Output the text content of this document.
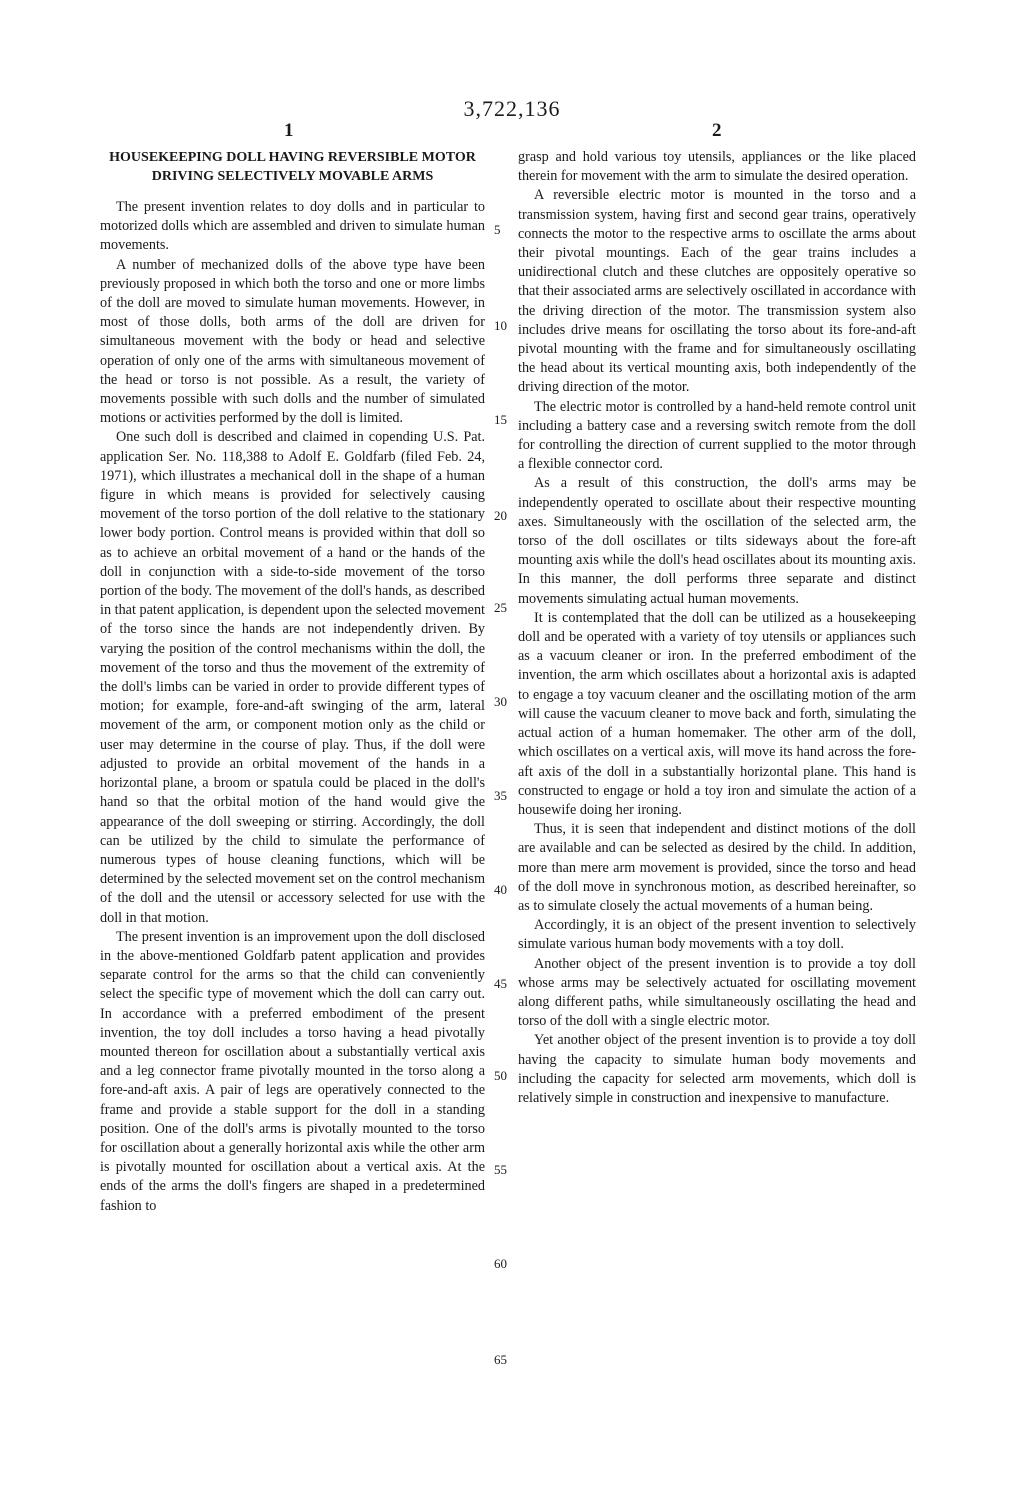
3,722,136
1	2
HOUSEKEEPING DOLL HAVING REVERSIBLE MOTOR DRIVING SELECTIVELY MOVABLE ARMS

The present invention relates to doy dolls and in particular to motorized dolls which are assembled and driven to simulate human movements.

A number of mechanized dolls of the above type have been previously proposed in which both the torso and one or more limbs of the doll are moved to simulate human movements. However, in most of those dolls, both arms of the doll are driven for simultaneous movement with the body or head and selective operation of only one of the arms with simultaneous movement of the head or torso is not possible. As a result, the variety of movements possible with such dolls and the number of simulated motions or activities performed by the doll is limited.

One such doll is described and claimed in copending U.S. Pat. application Ser. No. 118,388 to Adolf E. Goldfarb (filed Feb. 24, 1971), which illustrates a mechanical doll in the shape of a human figure in which means is provided for selectively causing movement of the torso portion of the doll relative to the stationary lower body portion. Control means is provided within that doll so as to achieve an orbital movement of a hand or the hands of the doll in conjunction with a side-to-side movement of the torso portion of the body. The movement of the doll's hands, as described in that patent application, is dependent upon the selected movement of the torso since the hands are not independently driven. By varying the position of the control mechanisms within the doll, the movement of the torso and thus the movement of the extremity of the doll's limbs can be varied in order to provide different types of motion; for example, fore-and-aft swinging of the arm, lateral movement of the arm, or component motion only as the child or user may determine in the course of play. Thus, if the doll were adjusted to provide an orbital movement of the hands in a horizontal plane, a broom or spatula could be placed in the doll's hand so that the orbital motion of the hand would give the appearance of the doll sweeping or stirring. Accordingly, the doll can be utilized by the child to simulate the performance of numerous types of house cleaning functions, which will be determined by the selected movement set on the control mechanism of the doll and the utensil or accessory selected for use with the doll in that motion.

The present invention is an improvement upon the doll disclosed in the above-mentioned Goldfarb patent application and provides separate control for the arms so that the child can conveniently select the specific type of movement which the doll can carry out. In accordance with a preferred embodiment of the present invention, the toy doll includes a torso having a head pivotally mounted thereon for oscillation about a substantially vertical axis and a leg connector frame pivotally mounted in the torso along a fore-and-aft axis. A pair of legs are operatively connected to the frame and provide a stable support for the doll in a standing position. One of the doll's arms is pivotally mounted to the torso for oscillation about a generally horizontal axis while the other arm is pivotally mounted for oscillation about a vertical axis. At the ends of the arms the doll's fingers are shaped in a predetermined fashion to

grasp and hold various toy utensils, appliances or the like placed therein for movement with the arm to simulate the desired operation.

A reversible electric motor is mounted in the torso and a transmission system, having first and second gear trains, operatively connects the motor to the respective arms to oscillate the arms about their pivotal mountings. Each of the gear trains includes a unidirectional clutch and these clutches are oppositely operative so that their associated arms are selectively oscillated in accordance with the driving direction of the motor. The transmission system also includes drive means for oscillating the torso about its fore-and-aft pivotal mounting with the frame and for simultaneously oscillating the head about its vertical mounting axis, both independently of the driving direction of the motor.

The electric motor is controlled by a hand-held remote control unit including a battery case and a reversing switch remote from the doll for controlling the direction of current supplied to the motor through a flexible connector cord.

As a result of this construction, the doll's arms may be independently operated to oscillate about their respective mounting axes. Simultaneously with the oscillation of the selected arm, the torso of the doll oscillates or tilts sideways about the fore-aft mounting axis while the doll's head oscillates about its mounting axis. In this manner, the doll performs three separate and distinct movements simulating actual human movements.

It is contemplated that the doll can be utilized as a housekeeping doll and be operated with a variety of toy utensils or appliances such as a vacuum cleaner or iron. In the preferred embodiment of the invention, the arm which oscillates about a horizontal axis is adapted to engage a toy vacuum cleaner and the oscillating motion of the arm will cause the vacuum cleaner to move back and forth, simulating the actual action of a human homemaker. The other arm of the doll, which oscillates on a vertical axis, will move its hand across the fore-aft axis of the doll in a substantially horizontal plane. This hand is constructed to engage or hold a toy iron and simulate the action of a housewife doing her ironing.

Thus, it is seen that independent and distinct motions of the doll are available and can be selected as desired by the child. In addition, more than mere arm movement is provided, since the torso and head of the doll move in synchronous motion, as described hereinafter, so as to simulate closely the actual movements of a human being.

Accordingly, it is an object of the present invention to selectively simulate various human body movements with a toy doll.

Another object of the present invention is to provide a toy doll whose arms may be selectively actuated for oscillating movement along different paths, while simultaneously oscillating the head and torso of the doll with a single electric motor.

Yet another object of the present invention is to provide a toy doll having the capacity to simulate human body movements and including the capacity for selected arm movements, which doll is relatively simple in construction and inexpensive to manufacture.

5
10
15
20
25
30
35
40
45
50
55
60
65
